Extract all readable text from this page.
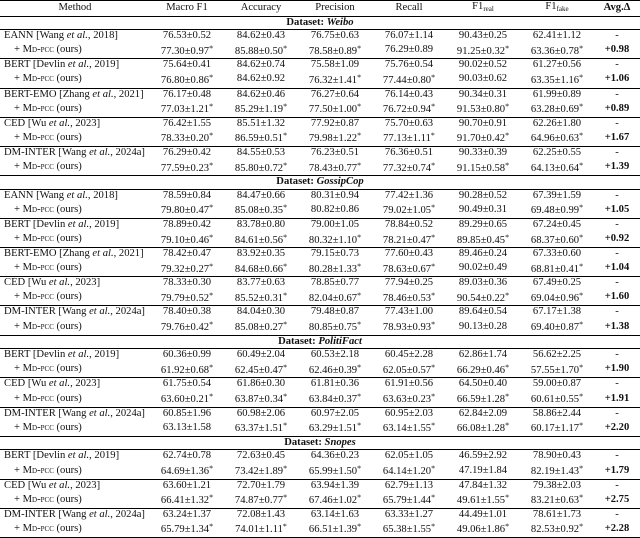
Method	Macro F1	Accuracy	Precision	Recall	$F1_{real}$	$F1_{fake}$	Avg.Δ
Dataset: Weibo							
EANN [Wang et al., 2018]	76.53±0.52	84.62±0.43	76.75±0.63	76.07±1.14	90.43±0.25	62.41±1.12	-
+ Md-pcc (ours)	77.30±0.97*	85.88±0.50*	78.58±0.89*	76.29±0.89	91.25±0.32*	63.36±0.78*	+0.98
BERT [Devlin et al., 2019]	75.64±0.41	84.62±0.74	75.58±1.09	75.76±0.54	90.02±0.52	61.27±0.56	-
+ Md-pcc (ours)	76.80±0.86*	84.62±0.92	76.32±1.41*	77.44±0.80*	90.03±0.62	63.35±1.16*	+1.06
BERT-EMO [Zhang et al., 2021]	76.17±0.48	84.62±0.46	76.27±0.64	76.14±0.43	90.34±0.31	61.99±0.89	-
+ Md-pcc (ours)	77.03±1.21*	85.29±1.19*	77.50±1.00*	76.72±0.94*	91.53±0.80*	63.28±0.69*	+0.89
CED [Wu et al., 2023]	76.42±1.55	85.51±1.32	77.92±0.87	75.70±0.63	90.70±0.91	62.26±1.80	-
+ Md-pcc (ours)	78.33±0.20*	86.59±0.51*	79.98±1.22*	77.13±1.11*	91.70±0.42*	64.96±0.63*	+1.67
DM-INTER [Wang et al., 2024a]	76.29±0.42	84.55±0.53	76.23±0.51	76.36±0.51	90.33±0.39	62.25±0.55	-
+ Md-pcc (ours)	77.59±0.23*	85.80±0.72*	78.43±0.77*	77.32±0.74*	91.15±0.58*	64.13±0.64*	+1.39
Dataset: GossipCop							
EANN [Wang et al., 2018]	78.59±0.84	84.47±0.66	80.31±0.94	77.42±1.36	90.28±0.52	67.39±1.59	-
+ Md-pcc (ours)	79.80±0.47*	85.08±0.35*	80.82±0.86	79.02±1.05*	90.49±0.31	69.48±0.99*	+1.05
BERT [Devlin et al., 2019]	78.89±0.42	83.78±0.80	79.00±1.05	78.84±0.52	89.29±0.65	67.24±0.45	-
+ Md-pcc (ours)	79.10±0.46*	84.61±0.56*	80.32±1.10*	78.21±0.47*	89.85±0.45*	68.37±0.60*	+0.92
BERT-EMO [Zhang et al., 2021]	78.42±0.47	83.92±0.35	79.15±0.73	77.60±0.43	89.46±0.24	67.33±0.60	-
+ Md-pcc (ours)	79.32±0.27*	84.68±0.66*	80.28±1.33*	78.63±0.67*	90.02±0.49	68.81±0.41*	+1.04
CED [Wu et al., 2023]	78.33±0.30	83.77±0.63	78.85±0.77	77.94±0.25	89.03±0.36	67.49±0.25	-
+ Md-pcc (ours)	79.79±0.52*	85.52±0.31*	82.04±0.67*	78.46±0.53*	90.54±0.22*	69.04±0.96*	+1.60
DM-INTER [Wang et al., 2024a]	78.40±0.38	84.04±0.30	79.48±0.87	77.43±1.00	89.64±0.54	67.17±1.38	-
+ Md-pcc (ours)	79.76±0.42*	85.08±0.27*	80.85±0.75*	78.93±0.93*	90.13±0.28	69.40±0.87*	+1.38
Dataset: PolitiFact							
BERT [Devlin et al., 2019]	60.36±0.99	60.49±2.04	60.53±2.18	60.45±2.28	62.86±1.74	56.62±2.25	-
+ Md-pcc (ours)	61.92±0.68*	62.45±0.47*	62.46±0.39*	62.05±0.57*	66.29±0.46*	57.55±1.70*	+1.90
CED [Wu et al., 2023]	61.75±0.54	61.86±0.30	61.81±0.36	61.91±0.56	64.50±0.40	59.00±0.87	-
+ Md-pcc (ours)	63.60±0.21*	63.87±0.34*	63.84±0.37*	63.63±0.23*	66.59±1.28*	60.61±0.55*	+1.91
DM-INTER [Wang et al., 2024a]	60.85±1.96	60.98±2.06	60.97±2.05	60.95±2.03	62.84±2.09	58.86±2.44	-
+ Md-pcc (ours)	63.13±1.58	63.37±1.51*	63.29±1.51*	63.14±1.55*	66.08±1.28*	60.17±1.17*	+2.20
Dataset: Snopes							
BERT [Devlin et al., 2019]	62.74±0.78	72.63±0.45	64.36±0.23	62.05±1.05	46.59±2.92	78.90±0.43	-
+ Md-pcc (ours)	64.69±1.36*	73.42±1.89*	65.99±1.50*	64.14±1.20*	47.19±1.84	82.19±1.43*	+1.79
CED [Wu et al., 2023]	63.60±1.21	72.70±1.79	63.94±1.39	62.79±1.13	47.84±1.32	79.38±2.03	-
+ Md-pcc (ours)	66.41±1.32*	74.87±0.77*	67.46±1.02*	65.79±1.44*	49.61±1.55*	83.21±0.63*	+2.75
DM-INTER [Wang et al., 2024a]	63.24±1.37	72.08±1.43	63.14±1.63	63.33±1.27	44.49±1.01	78.61±1.73	-
+ Md-pcc (ours)	65.79±1.34*	74.01±1.11*	66.51±1.39*	65.38±1.55*	49.06±1.86*	82.53±0.92*	+2.28
